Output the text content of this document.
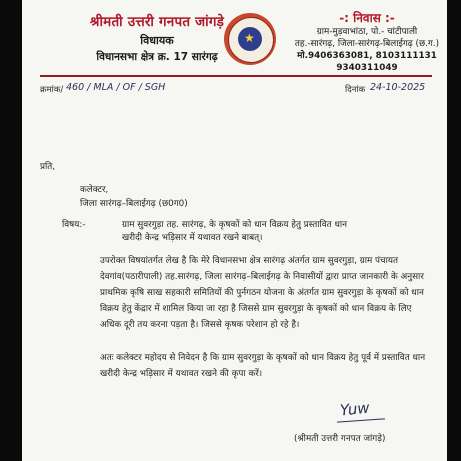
श्रीमती उत्तरी गनपत जांगड़े
विधायक
विधानसभा क्षेत्र क्र. 17 सारंगढ़
★
-: निवास :-
ग्राम-मुड़वाभांठा, पो.- चांटीपाली
तह.-सारंगढ़, जिला-सारंगढ़-बिलाईगढ़ (छ.ग.)
मो.9406363081, 8103111131
9340311049
क्रमांक/ 460 / MLA / OF / SGH	दिनांक 24-10-2025
प्रति,
कलेक्टर,
जिला सारंगढ़–बिलाईगढ़ (छ0ग0)
विषय:-	ग्राम सुवरगुड़ा तह. सारंगढ़, के कृषकों को धान विक्रय हेतु प्रस्तावित धान
खरीदी केन्द्र भड़िसार में यथावत रखने बाबत्।
उपरोक्त विषयांतर्गत लेख है कि मेरे विधानसभा क्षेत्र सारंगढ़ अंतर्गत ग्राम सुवरगुड़ा, ग्राम पंचायत देवगांव(पठारीपाली) तह.सारंगढ़, जिला सारंगढ़–बिलाईगढ़ के निवासीयों द्वारा प्राप्त जानकारी के अनुसार प्राथमिक कृषि साख सहकारी समितियों की पुर्नगठन योजना के अंतर्गत ग्राम सुवरगुड़ा के कृषकों को धान विक्रय हेतु केंद्रार में शामिल किया जा रहा है जिससे ग्राम सुवरगुड़ा के कृषकों को धान विक्रय के लिए अधिक दूरी तय करना पड़ता है। जिससे कृषक परेशान हो रहे है।
अतः कलेक्टर महोदय से निवेदन है कि ग्राम सुवरगुड़ा के कृषकों को धान विक्रय हेतु पूर्व में प्रस्तावित धान खरीदी केन्द्र भड़िसार में यथावत रखने की कृपा करें।
Yuw
(श्रीमती उत्तरी गनपत जांगड़े)
